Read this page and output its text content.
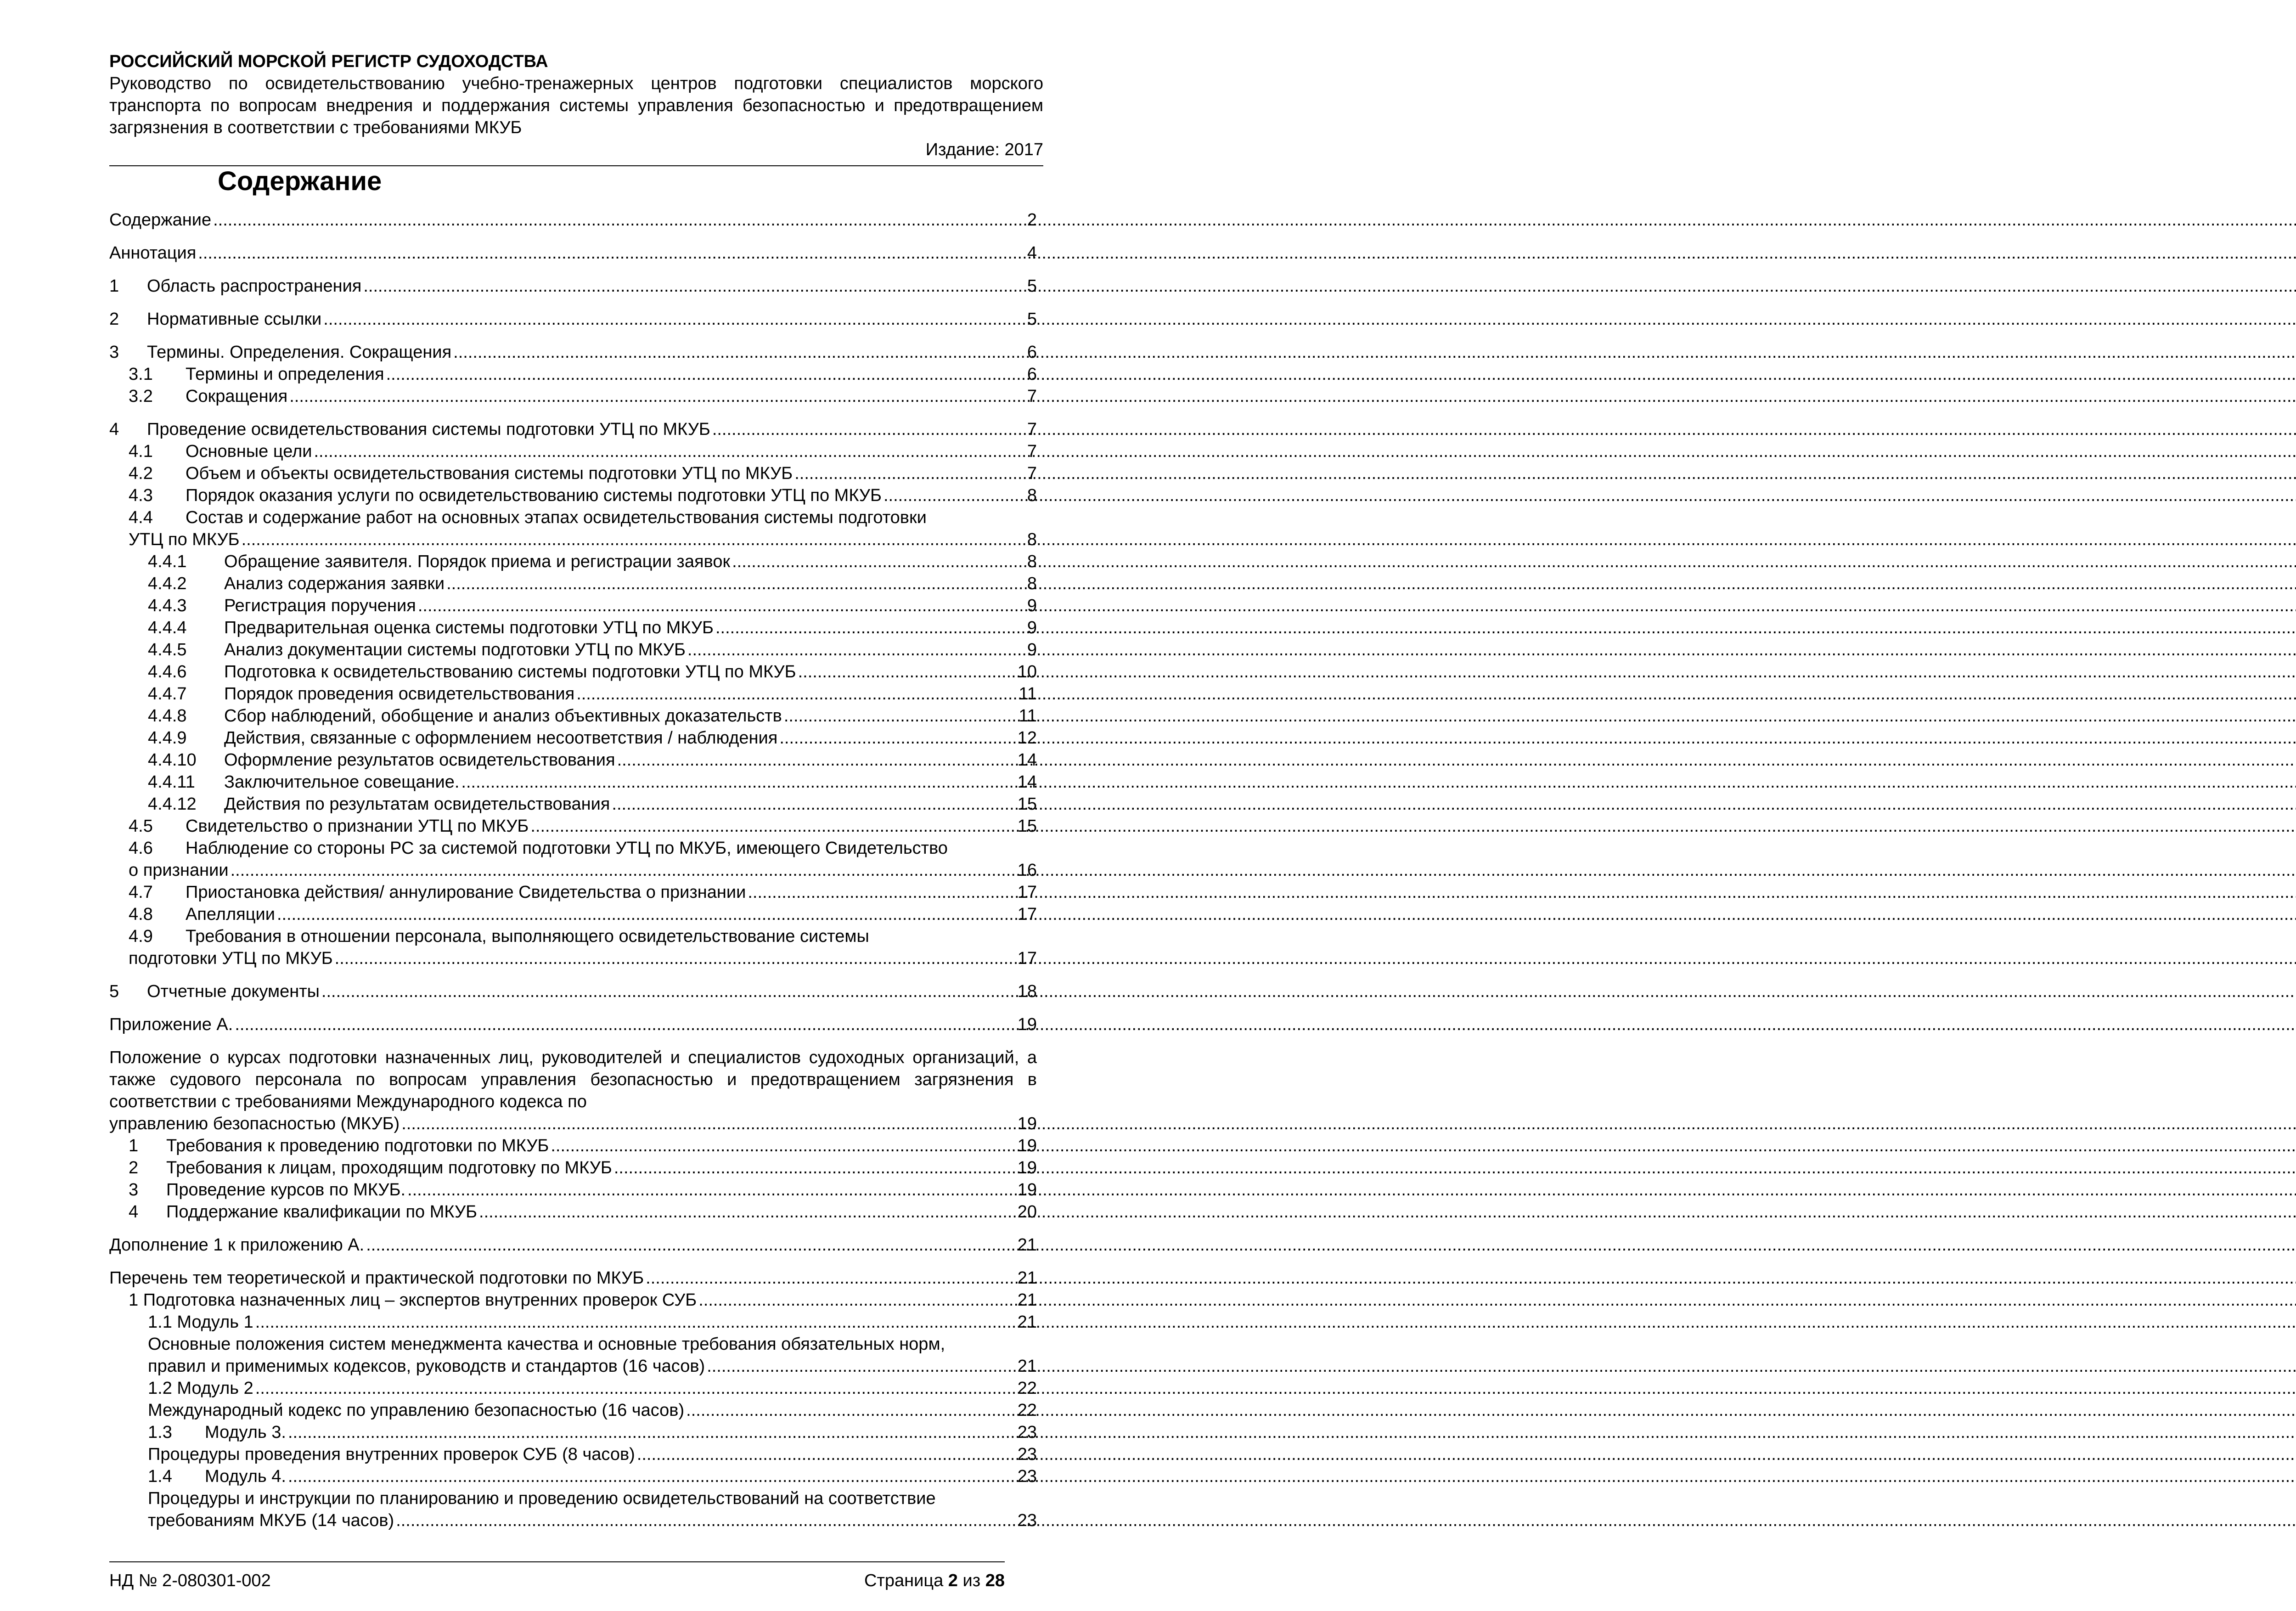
РОССИЙСКИЙ МОРСКОЙ РЕГИСТР СУДОХОДСТВА
Руководство по освидетельствованию учебно-тренажерных центров подготовки специалистов морского транспорта по вопросам внедрения и поддержания системы управления безопасностью и предотвращением загрязнения в соответствии с требованиями МКУБ
Издание: 2017
Содержание
Содержание .....	2
Аннотация .....	4
1	Область распространения .....	5
2	Нормативные ссылки .....	5
3	Термины. Определения. Сокращения .....	6
3.1	Термины и определения .....	6
3.2	Сокращения .....	7
4	Проведение освидетельствования системы подготовки УТЦ по МКУБ .....	7
4.1	Основные цели .....	7
4.2	Объем и объекты освидетельствования системы подготовки УТЦ по МКУБ .....	7
4.3	Порядок оказания услуги по освидетельствованию системы подготовки УТЦ по МКУБ .....	8
4.4 Состав и содержание работ на основных этапах освидетельствования системы подготовки
УТЦ по МКУБ .....	8
4.4.1	Обращение заявителя. Порядок приема и регистрации заявок .....	8
4.4.2	Анализ содержания заявки .....	8
4.4.3	Регистрация поручения .....	9
4.4.4	Предварительная оценка системы подготовки УТЦ по МКУБ .....	9
4.4.5	Анализ документации системы подготовки УТЦ по МКУБ .....	9
4.4.6	Подготовка к освидетельствованию системы подготовки УТЦ по МКУБ .....	10
4.4.7	Порядок проведения освидетельствования .....	11
4.4.8	Сбор наблюдений, обобщение и анализ объективных доказательств .....	11
4.4.9	Действия, связанные с оформлением несоответствия / наблюдения .....	12
4.4.10	Оформление результатов освидетельствования .....	14
4.4.11	Заключительное совещание. .....	14
4.4.12	Действия по результатам освидетельствования .....	15
4.5	Свидетельство о признании УТЦ по МКУБ .....	15
4.6 Наблюдение со стороны РС за системой подготовки УТЦ по МКУБ, имеющего Свидетельство
о признании .....	16
4.7	Приостановка действия/ аннулирование Свидетельства о признании .....	17
4.8	Апелляции .....	17
4.9 Требования в отношении персонала, выполняющего освидетельствование системы
подготовки УТЦ по МКУБ .....	17
5	Отчетные документы .....	18
Приложение А. .....	19
Положение о курсах подготовки назначенных лиц, руководителей и специалистов судоходных организаций, а также судового персонала по вопросам управления безопасностью и предотвращением загрязнения в соответствии с требованиями Международного кодекса по
управлению безопасностью (МКУБ) .....	19
1	Требования к проведению подготовки по МКУБ .....	19
2	Требования к лицам, проходящим подготовку по МКУБ .....	19
3	Проведение курсов по МКУБ. .....	19
4	Поддержание квалификации по МКУБ .....	20
Дополнение 1 к приложению А. .....	21
Перечень тем теоретической и практической подготовки по МКУБ .....	21
1 Подготовка назначенных лиц – экспертов внутренних проверок СУБ .....	21
1.1 Модуль 1 .....	21
Основные положения систем менеджмента качества и основные требования обязательных норм,
правил и применимых кодексов, руководств и стандартов (16 часов) .....	21
1.2 Модуль 2 .....	22
Международный кодекс по управлению безопасностью (16 часов) .....	22
1.3	Модуль 3. .....	23
Процедуры проведения внутренних проверок СУБ (8 часов) .....	23
1.4	Модуль 4. .....	23
Процедуры и инструкции по планированию и проведению освидетельствований на соответствие
требованиям МКУБ (14 часов) .....	23
НД № 2-080301-002	Страница 2 из 28
